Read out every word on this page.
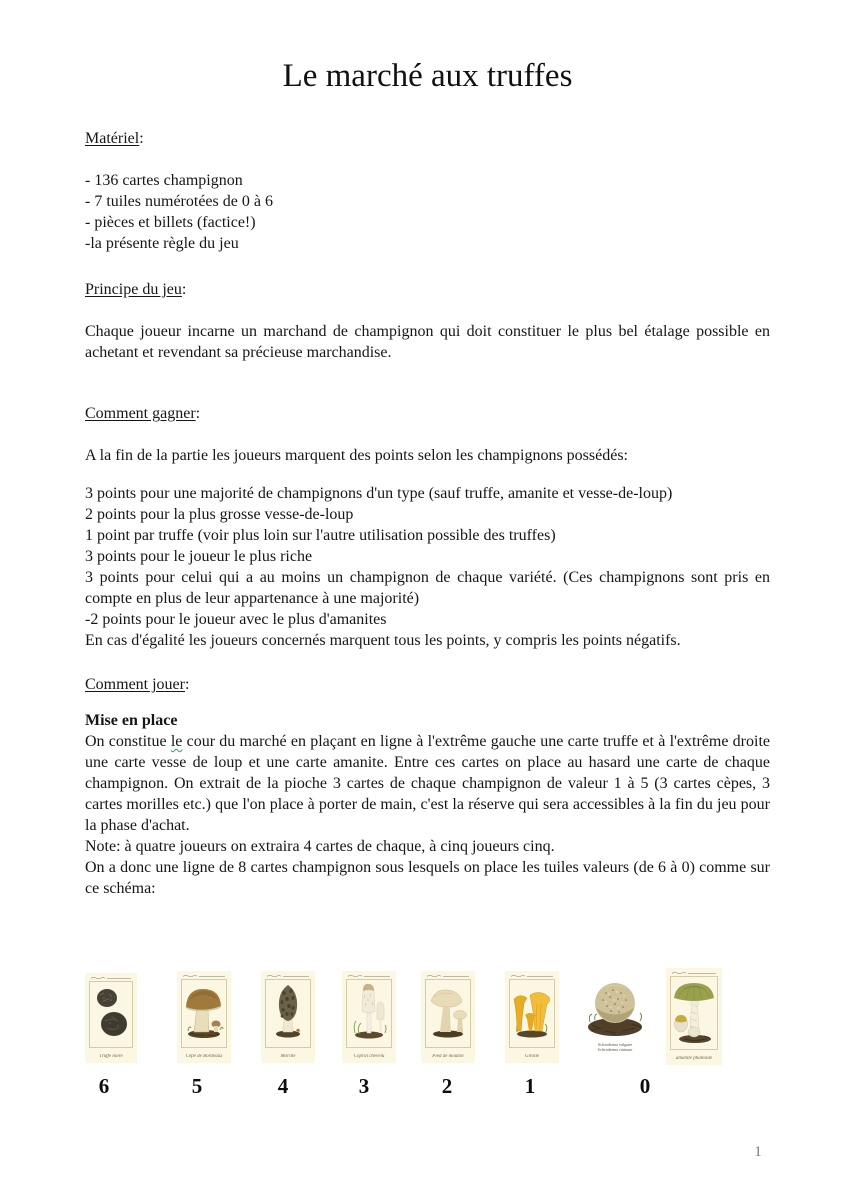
Le marché aux truffes

Matériel:

- 136 cartes champignon

- 7 tuiles numérotées de 0 à 6

- pièces et billets (factice!)

-la présente règle du jeu

Principe du jeu:

Chaque joueur incarne un marchand de champignon qui doit constituer le plus bel étalage possible en achetant et revendant sa précieuse marchandise.

Comment gagner:

A la fin de la partie les joueurs marquent des points selon les champignons possédés:

3 points pour une majorité de champignons d'un type (sauf truffe, amanite et vesse-de-loup)

2 points pour la plus grosse vesse-de-loup

1 point par truffe (voir plus loin sur l'autre utilisation possible des truffes)

3 points pour le joueur le plus riche

3 points pour celui qui a au moins un champignon de chaque variété. (Ces champignons sont pris en compte en plus de leur appartenance à une majorité)

-2 points pour le joueur avec le plus d'amanites

En cas d'égalité les joueurs concernés marquent tous les points, y compris les points négatifs.

Comment jouer:

Mise en place

On constitue le cour du marché en plaçant en ligne à l'extrême gauche une carte truffe et à l'extrême droite une carte vesse de loup et une carte amanite. Entre ces cartes on place au hasard une carte de chaque champignon. On extrait de la pioche 3 cartes de chaque champignon de valeur 1 à 5 (3 cartes cèpes, 3 cartes morilles etc.) que l'on place à porter de main, c'est la réserve qui sera accessibles à la fin du jeu pour la phase d'achat.

Note: à quatre joueurs on extraira 4 cartes de chaque, à cinq joueurs cinq.

On a donc une ligne de 8 cartes champignon sous lesquels on place les tuiles valeurs (de 6 à 0) comme sur ce schéma:

Truffe noire	Cèpe de Bordeaux	Morille	Coprin chevelu	Pied de mouton	Girolle
Scleroderma vulgaire
Scleroderma citrinum
amanite phalloïde
6	5	4	3	2	1	0
1
